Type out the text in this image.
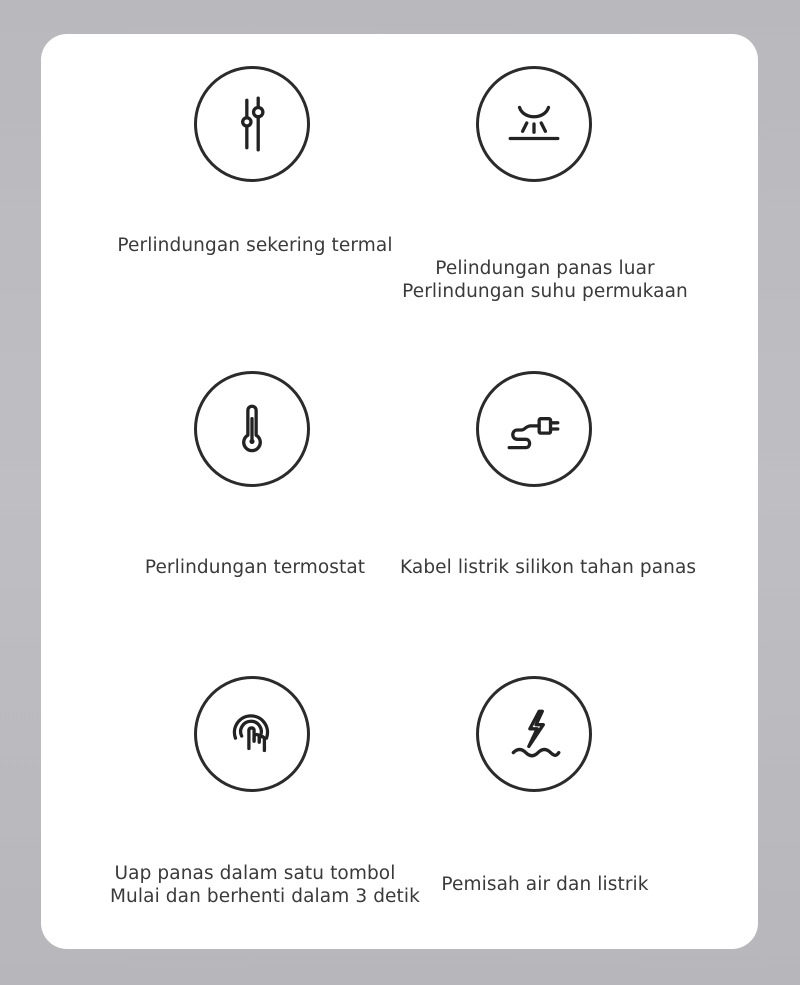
Perlindungan sekering termal
Pelindungan panas luar
Perlindungan suhu permukaan
Perlindungan termostat	Kabel listrik silikon tahan panas
Uap panas dalam satu tombol
Mulai dan berhenti dalam 3 detik
Pemisah air dan listrik
